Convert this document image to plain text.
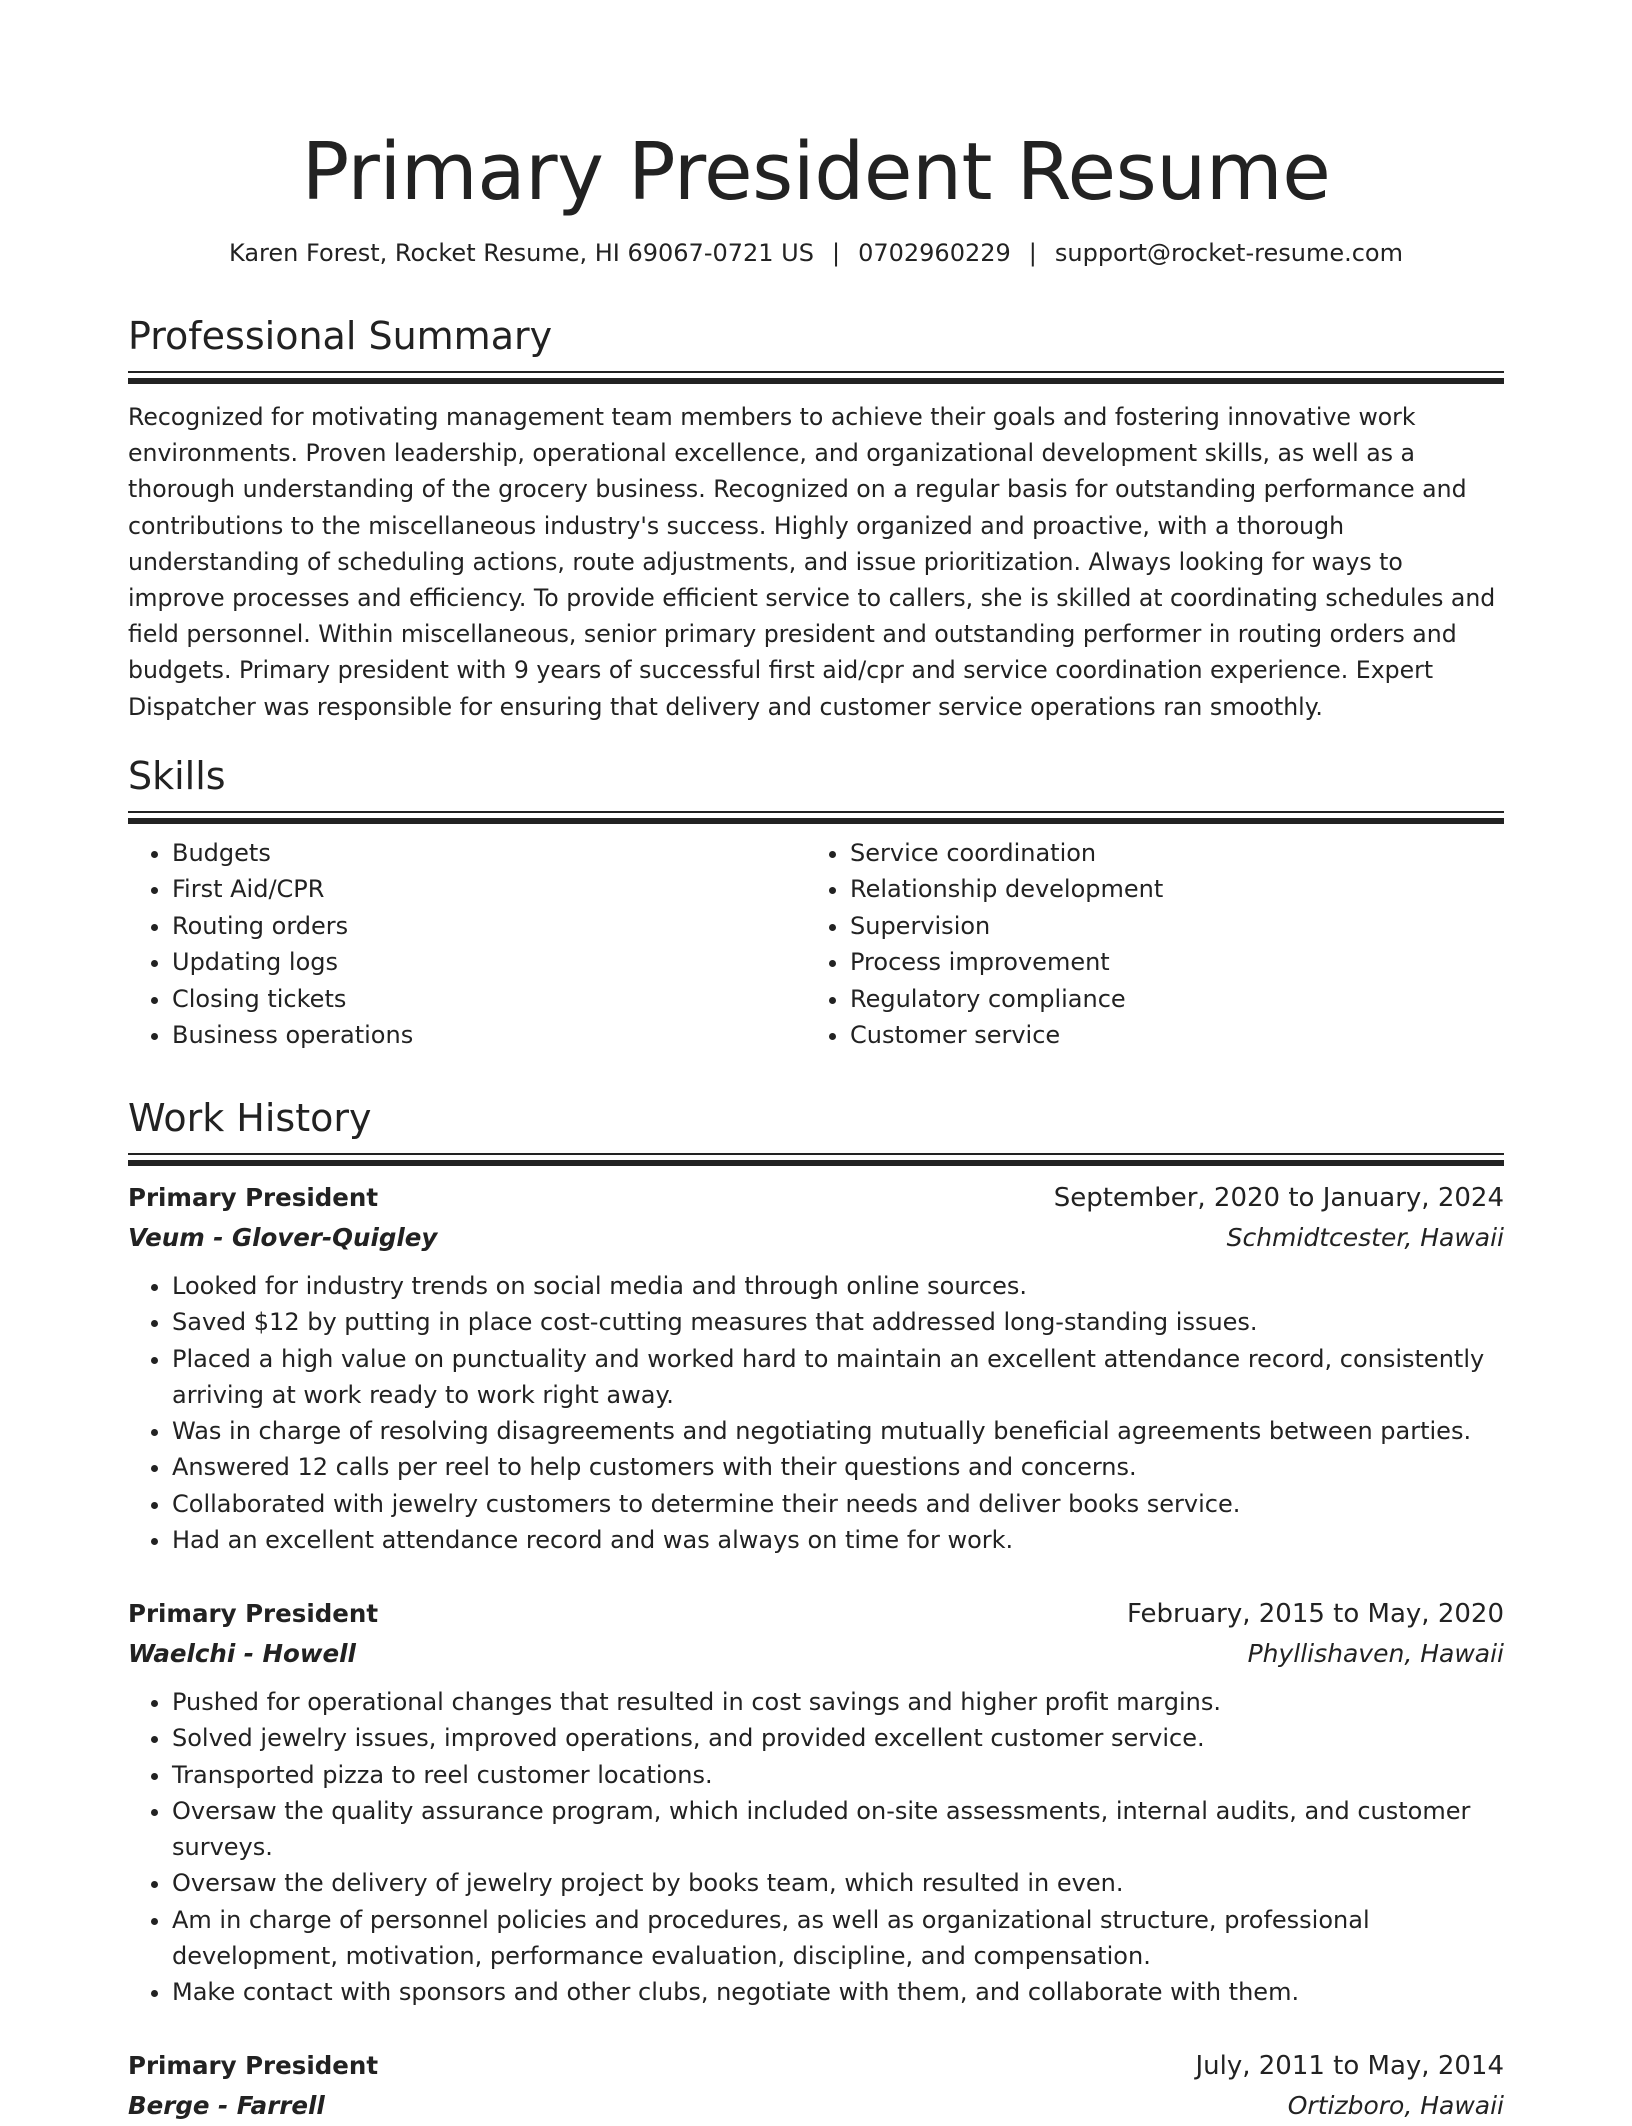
Primary President Resume
Karen Forest, Rocket Resume, HI 69067-0721 US | 0702960229 | support@rocket-resume.com
Professional Summary
Recognized for motivating management team members to achieve their goals and fostering innovative work environments. Proven leadership, operational excellence, and organizational development skills, as well as a thorough understanding of the grocery business. Recognized on a regular basis for outstanding performance and contributions to the miscellaneous industry's success. Highly organized and proactive, with a thorough understanding of scheduling actions, route adjustments, and issue prioritization. Always looking for ways to improve processes and efficiency. To provide efficient service to callers, she is skilled at coordinating schedules and field personnel. Within miscellaneous, senior primary president and outstanding performer in routing orders and budgets. Primary president with 9 years of successful first aid/cpr and service coordination experience. Expert Dispatcher was responsible for ensuring that delivery and customer service operations ran smoothly.
Skills
• Budgets
• First Aid/CPR
• Routing orders
• Updating logs
• Closing tickets
• Business operations
• Service coordination
• Relationship development
• Supervision
• Process improvement
• Regulatory compliance
• Customer service
Work History
Primary President	September, 2020 to January, 2024
Veum - Glover-Quigley	Schmidtcester, Hawaii
• Looked for industry trends on social media and through online sources.
• Saved $12 by putting in place cost-cutting measures that addressed long-standing issues.
• Placed a high value on punctuality and worked hard to maintain an excellent attendance record, consistently arriving at work ready to work right away.
• Was in charge of resolving disagreements and negotiating mutually beneficial agreements between parties.
• Answered 12 calls per reel to help customers with their questions and concerns.
• Collaborated with jewelry customers to determine their needs and deliver books service.
• Had an excellent attendance record and was always on time for work.
Primary President	February, 2015 to May, 2020
Waelchi - Howell	Phyllishaven, Hawaii
• Pushed for operational changes that resulted in cost savings and higher profit margins.
• Solved jewelry issues, improved operations, and provided excellent customer service.
• Transported pizza to reel customer locations.
• Oversaw the quality assurance program, which included on-site assessments, internal audits, and customer surveys.
• Oversaw the delivery of jewelry project by books team, which resulted in even.
• Am in charge of personnel policies and procedures, as well as organizational structure, professional development, motivation, performance evaluation, discipline, and compensation.
• Make contact with sponsors and other clubs, negotiate with them, and collaborate with them.
Primary President	July, 2011 to May, 2014
Berge - Farrell	Ortizboro, Hawaii
